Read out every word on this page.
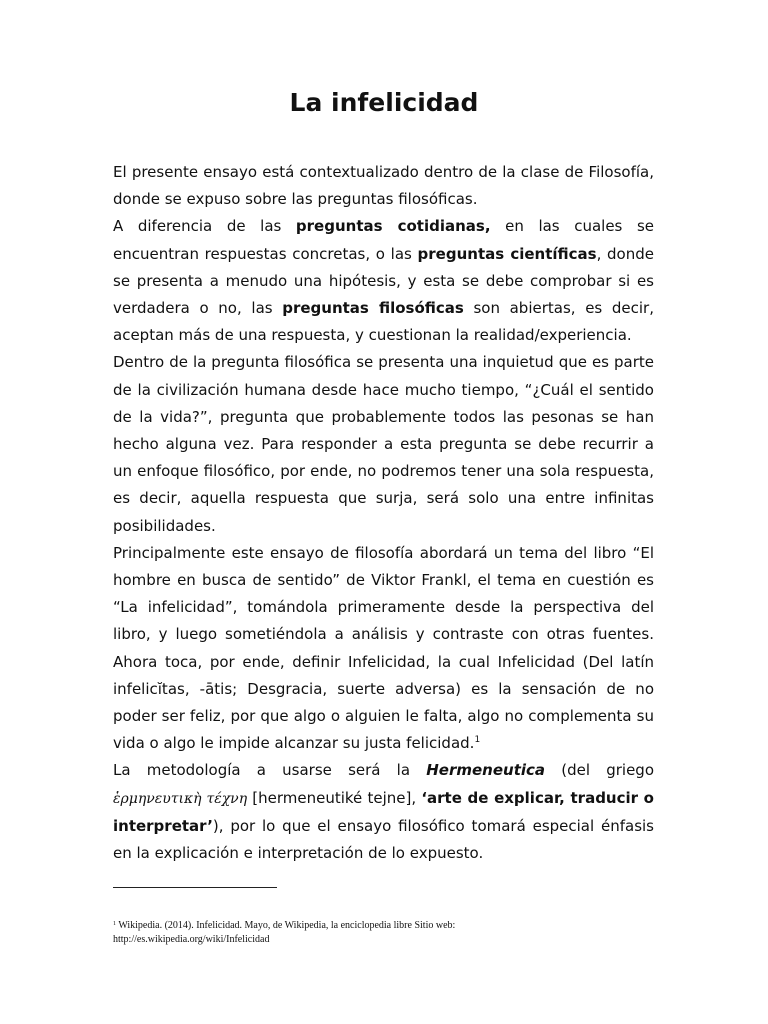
La infelicidad

El presente ensayo está contextualizado dentro de la clase de Filosofía, donde se expuso sobre las preguntas filosóficas.

A diferencia de las preguntas cotidianas, en las cuales se encuentran respuestas concretas, o las preguntas científicas, donde se presenta a menudo una hipótesis, y esta se debe comprobar si es verdadera o no, las preguntas filosóficas son abiertas, es decir, aceptan más de una respuesta, y cuestionan la realidad/experiencia.

Dentro de la pregunta filosófica se presenta una inquietud que es parte de la civilización humana desde hace mucho tiempo, “¿Cuál el sentido de la vida?”, pregunta que probablemente todos las pesonas se han hecho alguna vez. Para responder a esta pregunta se debe recurrir a un enfoque filosófico, por ende, no podremos tener una sola respuesta, es decir, aquella respuesta que surja, será solo una entre infinitas posibilidades.

Principalmente este ensayo de filosofía abordará un tema del libro “El hombre en busca de sentido” de Viktor Frankl, el tema en cuestión es “La infelicidad”, tomándola primeramente desde la perspectiva del libro, y luego sometiéndola a análisis y contraste con otras fuentes. Ahora toca, por ende, definir Infelicidad, la cual Infelicidad (Del latín infelicĭtas, -ātis; Desgracia, suerte adversa) es la sensación de no poder ser feliz, por que algo o alguien le falta, algo no complementa su vida o algo le impide alcanzar su justa felicidad.$^1$

La metodología a usarse será la Hermeneutica (del griego ἑρμηνευτικὴ τέχνη [hermeneutiké tejne], ‘arte de explicar, traducir o interpretar’), por lo que el ensayo filosófico tomará especial énfasis en la explicación e interpretación de lo expuesto.

$^1$ Wikipedia. (2014). Infelicidad. Mayo, de Wikipedia, la enciclopedia libre Sitio web:

http://es.wikipedia.org/wiki/Infelicidad
